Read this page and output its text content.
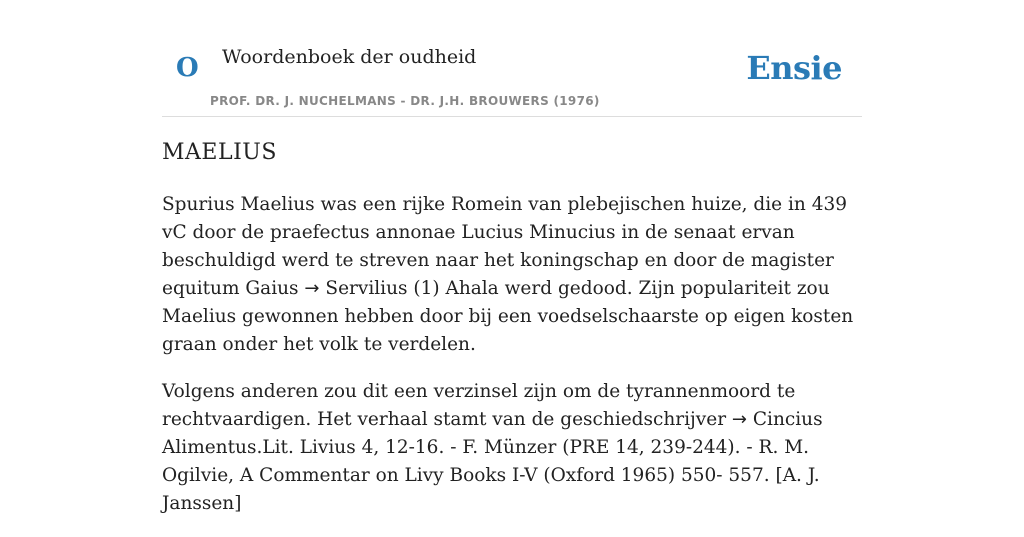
O Woordenboek der oudheid
PROF. DR. J. NUCHELMANS - DR. J.H. BROUWERS (1976)
Ensie
MAELIUS

Spurius Maelius was een rijke Romein van plebejischen huize, die in 439 vC door de praefectus annonae Lucius Minucius in de senaat ervan beschuldigd werd te streven naar het koningschap en door de magister equitum Gaius → Servilius (1) Ahala werd gedood. Zijn populariteit zou Maelius gewonnen hebben door bij een voedselschaarste op eigen kosten graan onder het volk te verdelen.

Volgens anderen zou dit een verzinsel zijn om de tyrannenmoord te rechtvaardigen. Het verhaal stamt van de geschiedschrijver → Cincius Alimentus.Lit. Livius 4, 12-16. - F. Münzer (PRE 14, 239-244). - R. M. Ogilvie, A Commentar on Livy Books I-V (Oxford 1965) 550- 557. [A. J. Janssen]
